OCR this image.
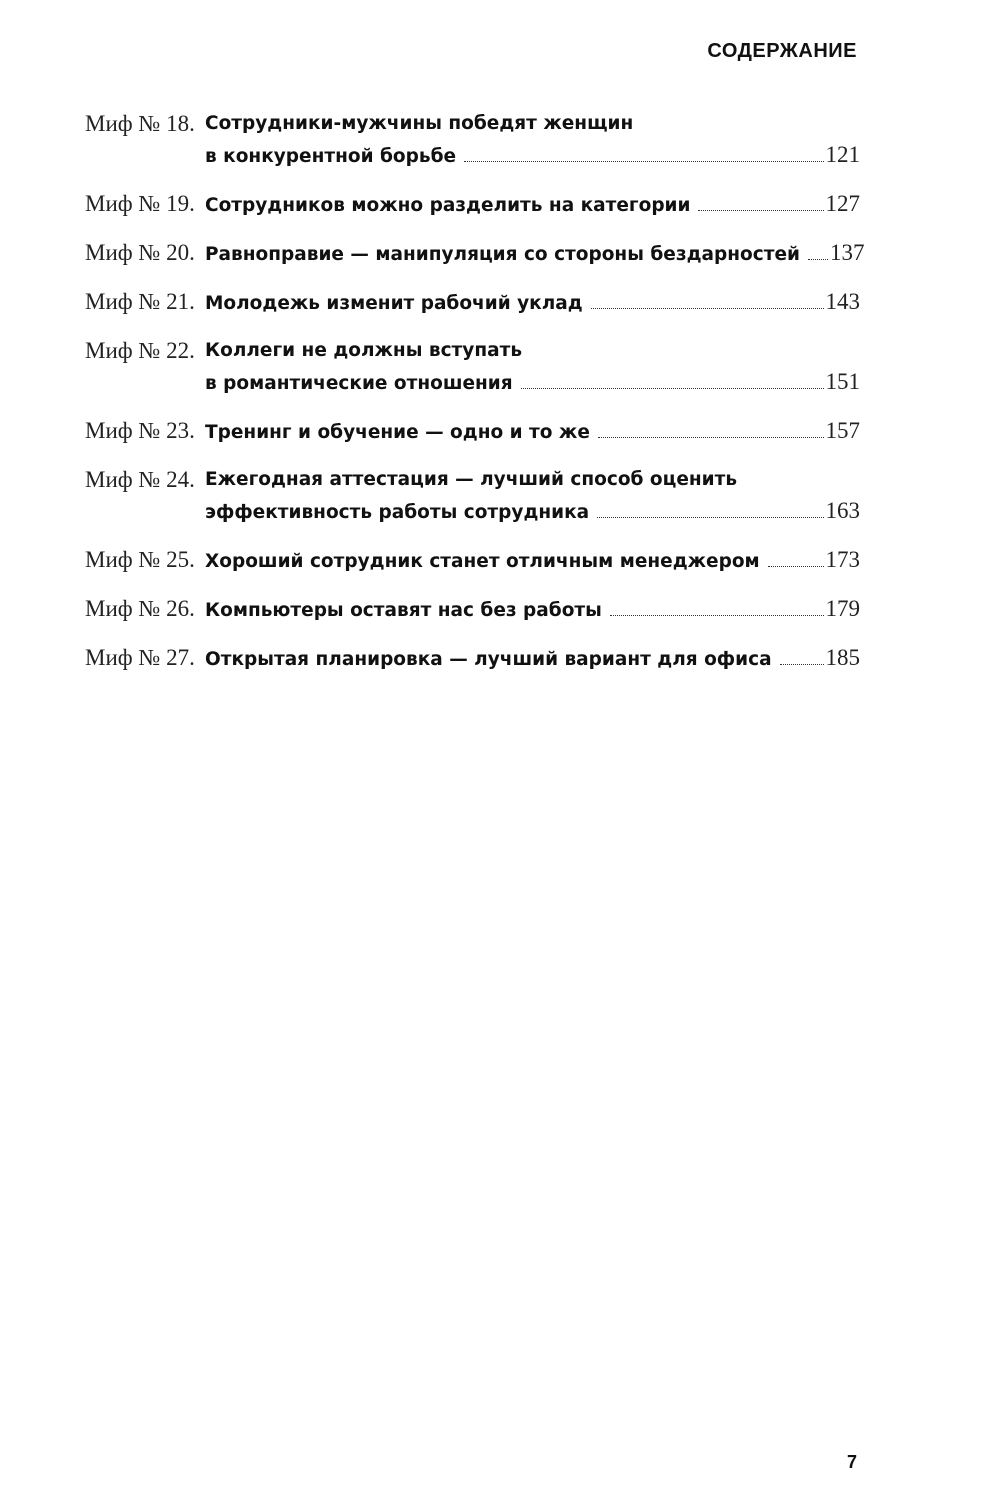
СОДЕРЖАНИЕ
Миф № 18. Сотрудники-мужчины победят женщин
в конкурентной борьбе	121
Миф № 19. Сотрудников можно разделить на категории	127
Миф № 20. Равноправие — манипуляция со стороны бездарностей 137
Миф № 21. Молодежь изменит рабочий уклад	143
Миф № 22. Коллеги не должны вступать
в романтические отношения	151
Миф № 23. Тренинг и обучение — одно и то же	157
Миф № 24. Ежегодная аттестация — лучший способ оценить
эффективность работы сотрудника	163
Миф № 25. Хороший сотрудник станет отличным менеджером	173
Миф № 26. Компьютеры оставят нас без работы	179
Миф № 27. Открытая планировка — лучший вариант для офиса 185
7
